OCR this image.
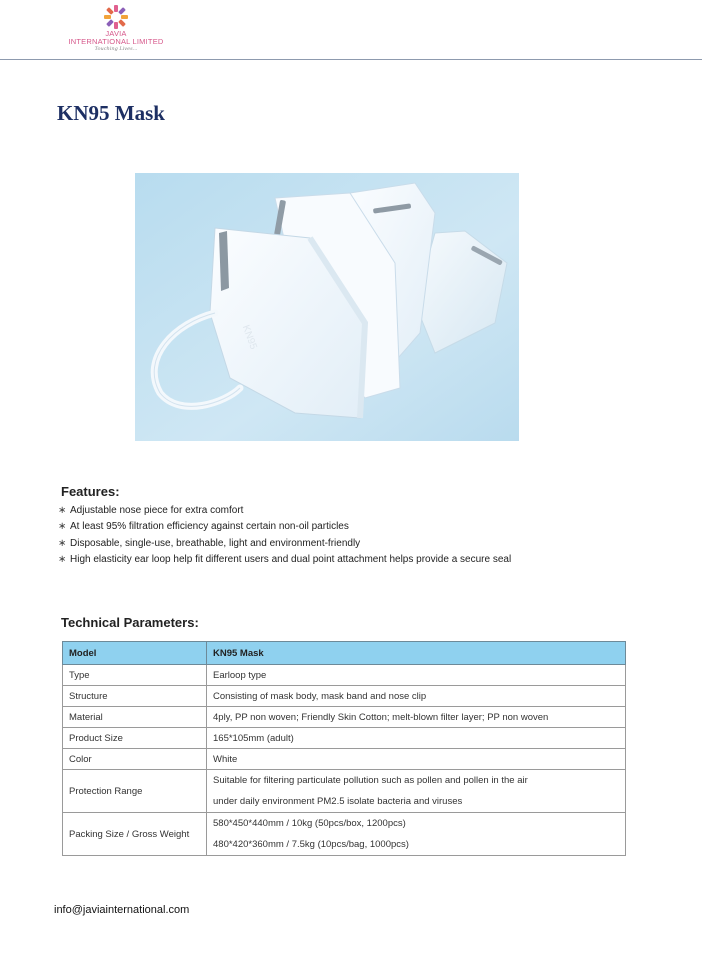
JAVIA
INTERNATIONAL LIMITED
Touching Lives...
KN95 Mask
KN95
Features:
∗ Adjustable nose piece for extra comfort
∗ At least 95% filtration efficiency against certain non-oil particles
∗ Disposable, single-use, breathable, light and environment-friendly
∗ High elasticity ear loop help fit different users and dual point attachment helps provide a secure seal
Technical Parameters:
Model	KN95 Mask
Type	Earloop type
Structure	Consisting of mask body, mask band and nose clip
Material	4ply, PP non woven; Friendly Skin Cotton; melt-blown filter layer; PP non woven
Product Size	165*105mm (adult)
Color	White
Protection Range	Suitable for filtering particulate pollution such as pollen and pollen in the air
under daily environment PM2.5 isolate bacteria and viruses

Packing Size / Gross Weight	580*450*440mm / 10kg (50pcs/box, 1200pcs)
480*420*360mm / 7.5kg (10pcs/bag, 1000pcs)
info@javiainternational.com
